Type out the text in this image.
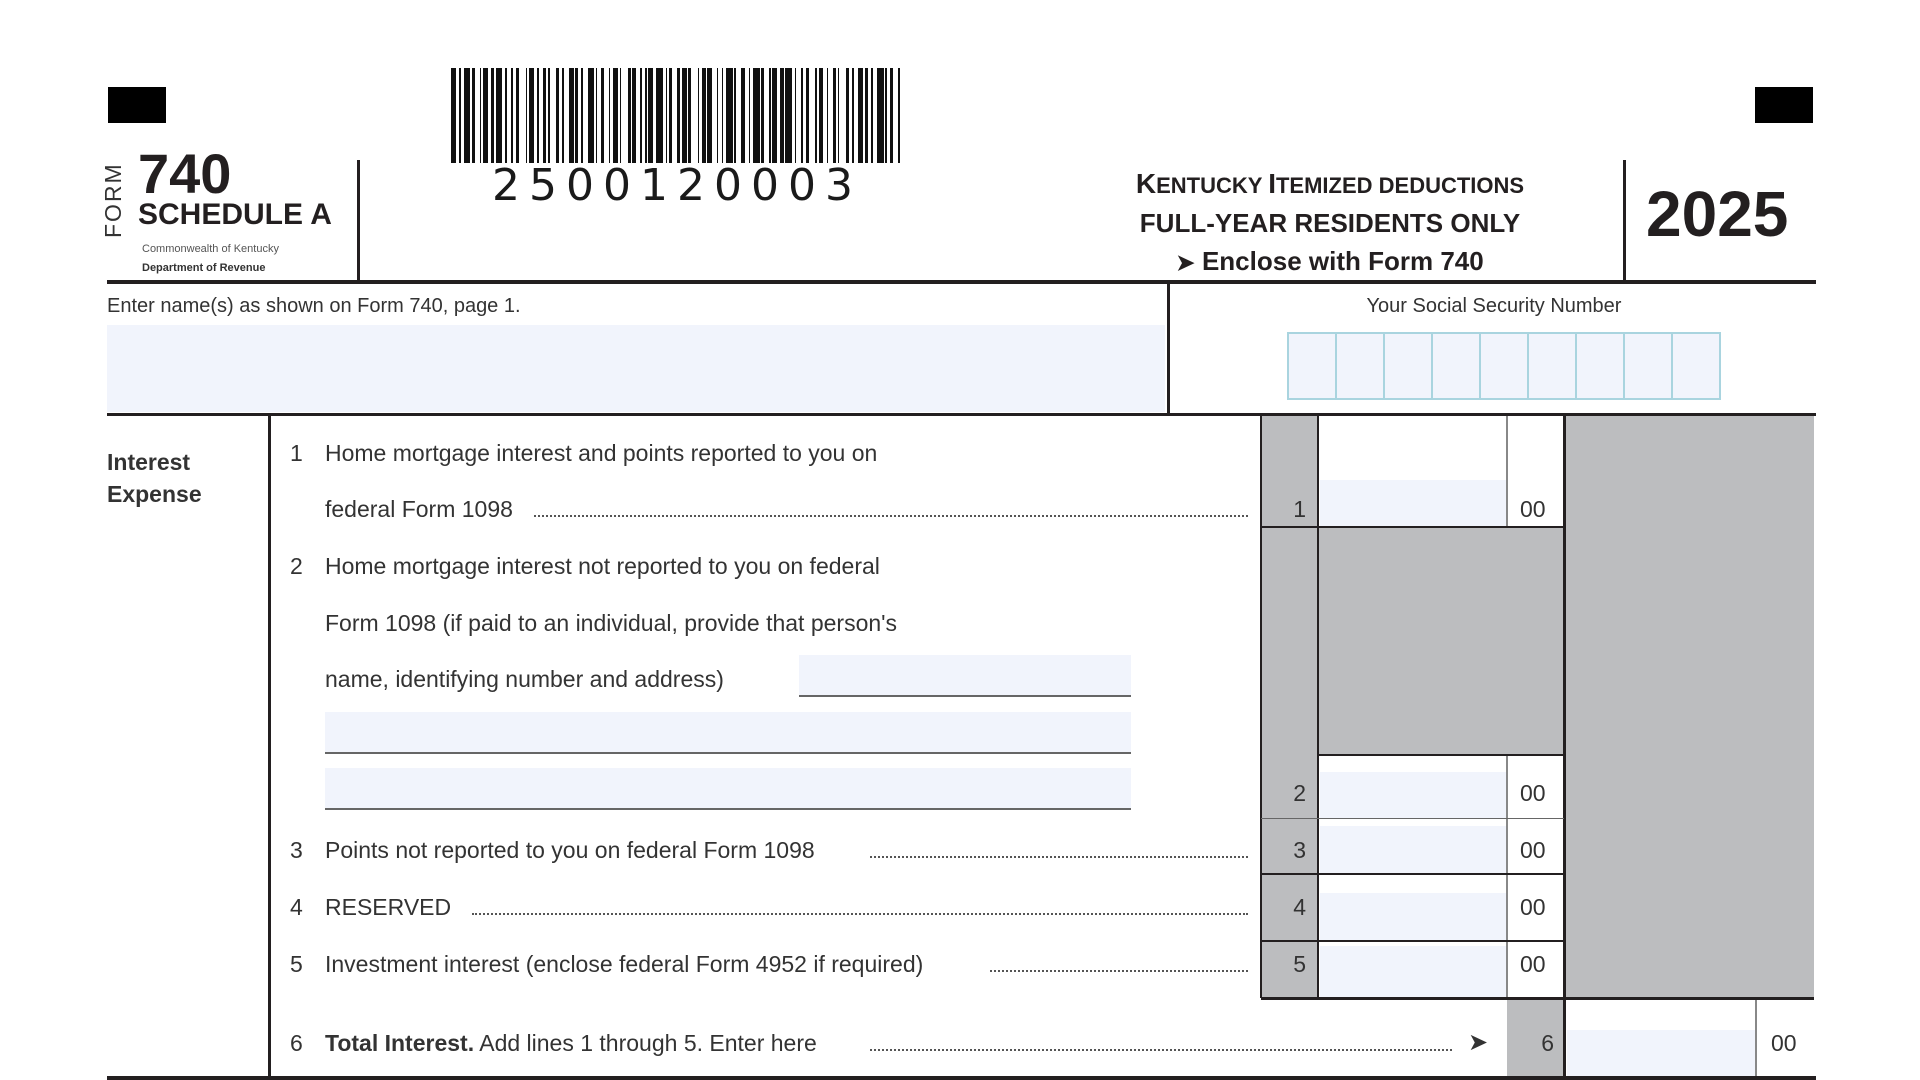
2500120003
FORM 740
SCHEDULE A
Commonwealth of Kentucky
Department of Revenue
KENTUCKY ITEMIZED DEDUCTIONS
FULL-YEAR RESIDENTS ONLY
➤ Enclose with Form 740
2025
Enter name(s) as shown on Form 740, page 1.	Your Social Security Number
Interest
Expense
1 Home mortgage interest and points reported to you on
federal Form 1098	1	00
2 Home mortgage interest not reported to you on federal
Form 1098 (if paid to an individual, provide that person's
name, identifying number and address)
2	00
3 Points not reported to you on federal Form 1098	3	00
4 RESERVED	4	00
5 Investment interest (enclose federal Form 4952 if required)	5	00
6 Total Interest. Add lines 1 through 5. Enter here	➤	6	00
